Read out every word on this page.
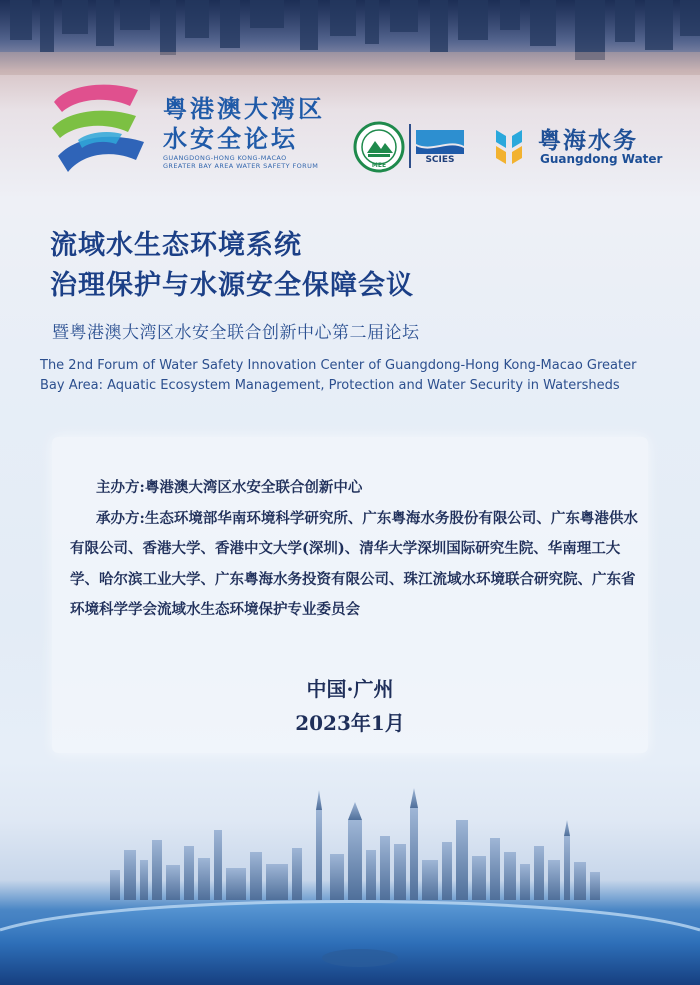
粤港澳大湾区
水安全论坛
GUANGDONG-HONG KONG-MACAO
GREATER BAY AREA WATER SAFETY FORUM	MEE
SCIES
粤海水务
Guangdong Water
流域水生态环境系统
治理保护与水源安全保障会议
暨粤港澳大湾区水安全联合创新中心第二届论坛
The 2nd Forum of Water Safety Innovation Center of Guangdong-Hong Kong-Macao Greater Bay Area: Aquatic Ecosystem Management, Protection and Water Security in Watersheds
主办方:粤港澳大湾区水安全联合创新中心
承办方:生态环境部华南环境科学研究所、广东粤海水务股份有限公司、广东粤港供水有限公司、香港大学、香港中文大学(深圳)、清华大学深圳国际研究生院、华南理工大学、哈尔滨工业大学、广东粤海水务投资有限公司、珠江流域水环境联合研究院、广东省环境科学学会流域水生态环境保护专业委员会
中国·广州
2023年1月
